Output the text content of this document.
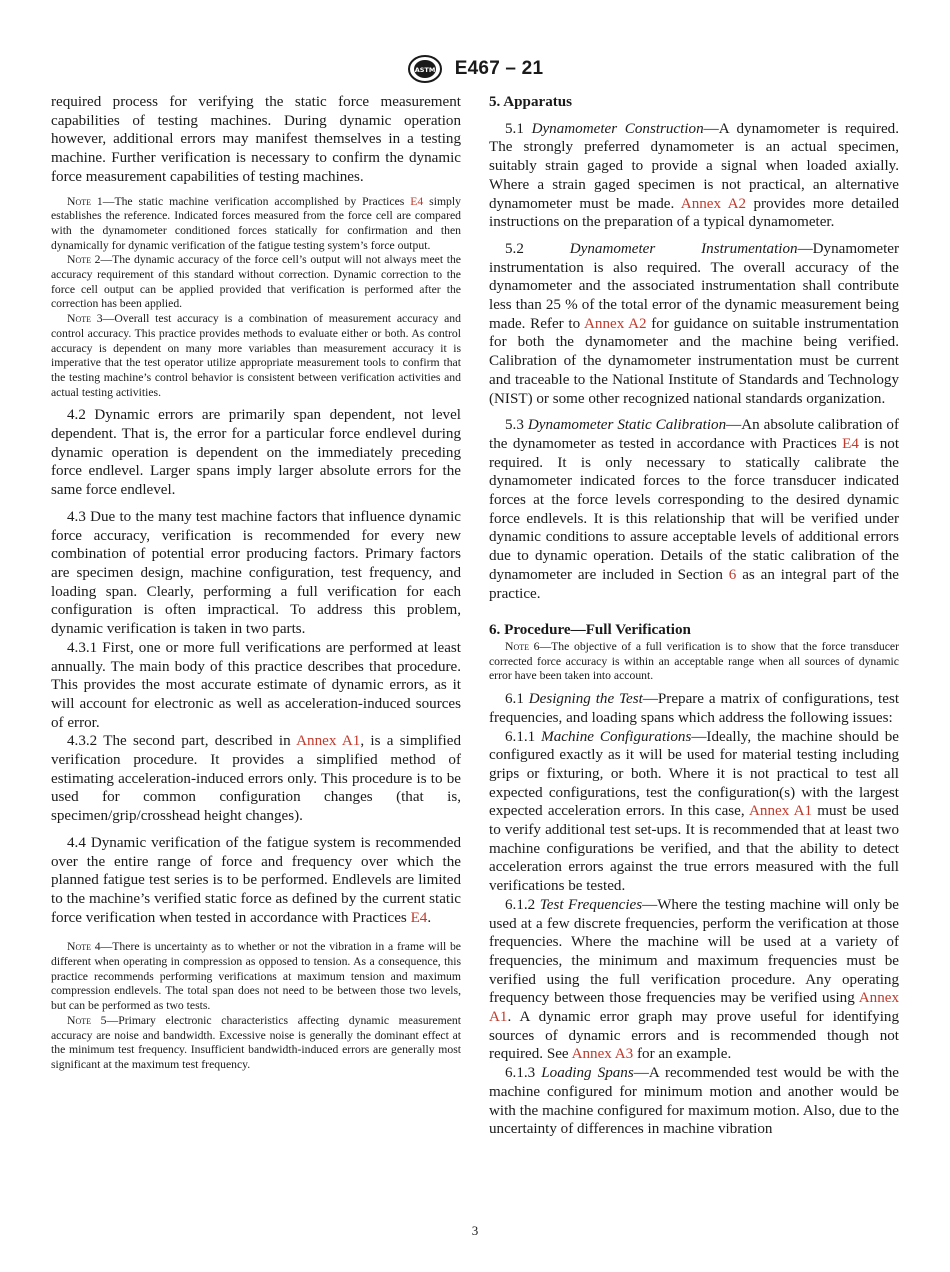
ASTM E467 – 21

required process for verifying the static force measurement capabilities of testing machines. During dynamic operation however, additional errors may manifest themselves in a testing machine. Further verification is necessary to confirm the dynamic force measurement capabilities of testing machines.

Note 1—The static machine verification accomplished by Practices E4 simply establishes the reference. Indicated forces measured from the force cell are compared with the dynamometer conditioned forces statically for confirmation and then dynamically for dynamic verification of the fatigue testing system’s force output.

Note 2—The dynamic accuracy of the force cell’s output will not always meet the accuracy requirement of this standard without correction. Dynamic correction to the force cell output can be applied provided that verification is performed after the correction has been applied.

Note 3—Overall test accuracy is a combination of measurement accuracy and control accuracy. This practice provides methods to evaluate either or both. As control accuracy is dependent on many more variables than measurement accuracy it is imperative that the test operator utilize appropriate measurement tools to confirm that the testing machine’s control behavior is consistent between verification activities and actual testing activities.

4.2 Dynamic errors are primarily span dependent, not level dependent. That is, the error for a particular force endlevel during dynamic operation is dependent on the immediately preceding force endlevel. Larger spans imply larger absolute errors for the same force endlevel.

4.3 Due to the many test machine factors that influence dynamic force accuracy, verification is recommended for every new combination of potential error producing factors. Primary factors are specimen design, machine configuration, test frequency, and loading span. Clearly, performing a full verification for each configuration is often impractical. To address this problem, dynamic verification is taken in two parts.

4.3.1 First, one or more full verifications are performed at least annually. The main body of this practice describes that procedure. This provides the most accurate estimate of dynamic errors, as it will account for electronic as well as acceleration-induced sources of error.

4.3.2 The second part, described in Annex A1, is a simplified verification procedure. It provides a simplified method of estimating acceleration-induced errors only. This procedure is to be used for common configuration changes (that is, specimen/grip/crosshead height changes).

4.4 Dynamic verification of the fatigue system is recommended over the entire range of force and frequency over which the planned fatigue test series is to be performed. Endlevels are limited to the machine’s verified static force as defined by the current static force verification when tested in accordance with Practices E4.

Note 4—There is uncertainty as to whether or not the vibration in a frame will be different when operating in compression as opposed to tension. As a consequence, this practice recommends performing verifications at maximum tension and maximum compression endlevels. The total span does not need to be between those two levels, but can be performed as two tests.

Note 5—Primary electronic characteristics affecting dynamic measurement accuracy are noise and bandwidth. Excessive noise is generally the dominant effect at the minimum test frequency. Insufficient bandwidth-induced errors are generally most significant at the maximum test frequency.

5. Apparatus

5.1 Dynamometer Construction—A dynamometer is required. The strongly preferred dynamometer is an actual specimen, suitably strain gaged to provide a signal when loaded axially. Where a strain gaged specimen is not practical, an alternative dynamometer must be made. Annex A2 provides more detailed instructions on the preparation of a typical dynamometer.

5.2 Dynamometer Instrumentation—Dynamometer instrumentation is also required. The overall accuracy of the dynamometer and the associated instrumentation shall contribute less than 25 % of the total error of the dynamic measurement being made. Refer to Annex A2 for guidance on suitable instrumentation for both the dynamometer and the machine being verified. Calibration of the dynamometer instrumentation must be current and traceable to the National Institute of Standards and Technology (NIST) or some other recognized national standards organization.

5.3 Dynamometer Static Calibration—An absolute calibration of the dynamometer as tested in accordance with Practices E4 is not required. It is only necessary to statically calibrate the dynamometer indicated forces to the force transducer indicated forces at the force levels corresponding to the desired dynamic force endlevels. It is this relationship that will be verified under dynamic conditions to assure acceptable levels of additional errors due to dynamic operation. Details of the static calibration of the dynamometer are included in Section 6 as an integral part of the practice.

6. Procedure—Full Verification

Note 6—The objective of a full verification is to show that the force transducer corrected force accuracy is within an acceptable range when all sources of dynamic error have been taken into account.

6.1 Designing the Test—Prepare a matrix of configurations, test frequencies, and loading spans which address the following issues:

6.1.1 Machine Configurations—Ideally, the machine should be configured exactly as it will be used for material testing including grips or fixturing, or both. Where it is not practical to test all expected configurations, test the configuration(s) with the largest expected acceleration errors. In this case, Annex A1 must be used to verify additional test set-ups. It is recommended that at least two machine configurations be verified, and that the ability to detect acceleration errors against the true errors measured with the full verifications be tested.

6.1.2 Test Frequencies—Where the testing machine will only be used at a few discrete frequencies, perform the verification at those frequencies. Where the machine will be used at a variety of frequencies, the minimum and maximum frequencies must be verified using the full verification procedure. Any operating frequency between those frequencies may be verified using Annex A1. A dynamic error graph may prove useful for identifying sources of dynamic errors and is recommended though not required. See Annex A3 for an example.

6.1.3 Loading Spans—A recommended test would be with the machine configured for minimum motion and another would be with the machine configured for maximum motion. Also, due to the uncertainty of differences in machine vibration

3
